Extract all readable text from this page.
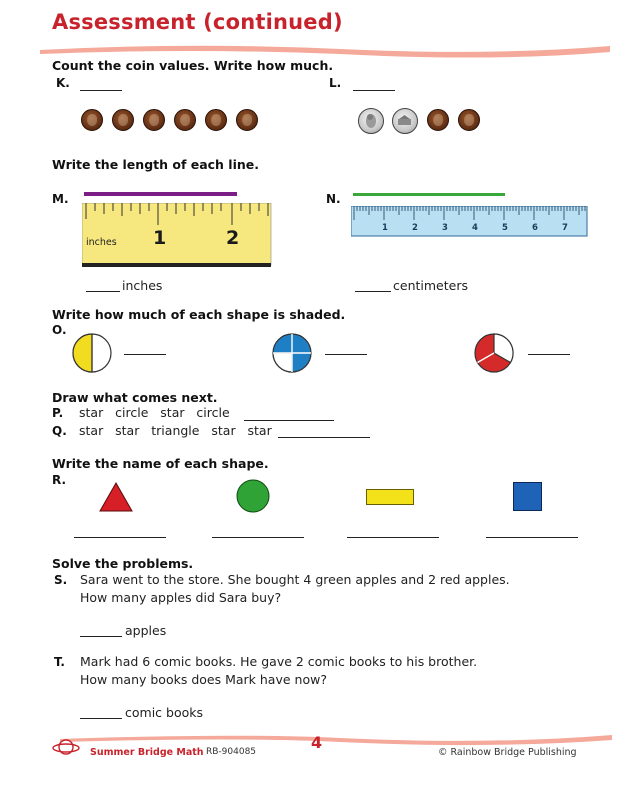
Assessment (continued)
Count the coin values. Write how much.
K.	L.
Write the length of each line.
M.
inches 1	2
N.
1	2	3	4	5	6	7
inches	centimeters
Write how much of each shape is shaded.
O.
Draw what comes next.
P. star   circle   star   circle
Q. star   star   triangle   star   star
Write the name of each shape.
R.
Solve the problems.
S. Sara went to the store. She bought 4 green apples and 2 red apples.
How many apples did Sara buy?
apples
T. Mark had 6 comic books. He gave 2 comic books to his brother.
How many books does Mark have now?
comic books
Summer Bridge Math RB-904085	4
© Rainbow Bridge Publishing
